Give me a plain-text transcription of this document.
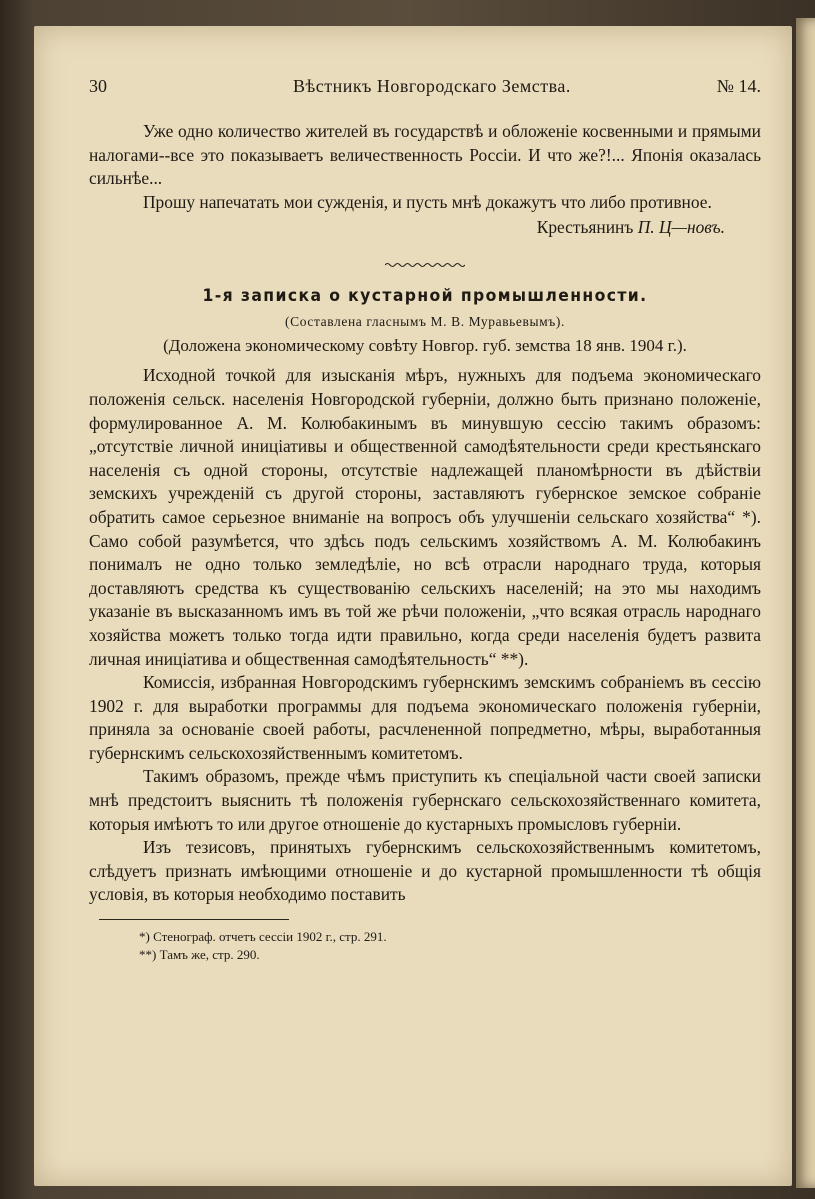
30	Вѣстникъ Новгородскаго Земства.	№ 14.

Уже одно количество жителей въ государствѣ и обложеніе косвенными и прямыми налогами--все это показываетъ величественность Россіи. И что же?!... Японія оказалась сильнѣе...

Прошу напечатать мои сужденія, и пусть мнѣ докажутъ что либо противное.

Крестьянинъ П. Ц—новъ.

1-я записка о кустарной промышленности.

(Составлена гласнымъ М. В. Муравьевымъ).

(Доложена экономическому совѣту Новгор. губ. земства 18 янв. 1904 г.).

Исходной точкой для изысканія мѣръ, нужныхъ для подъема экономическаго положенія сельск. населенія Новгородской губерніи, должно быть признано положеніе, формулированное А. М. Колюбакинымъ въ минувшую сессію такимъ образомъ: „отсутствіе личной иниціативы и общественной самодѣятельности среди крестьянскаго населенія съ одной стороны, отсутствіе надлежащей планомѣрности въ дѣйствіи земскихъ учрежденій съ другой стороны, заставляютъ губернское земское собраніе обратить самое серьезное вниманіе на вопросъ объ улучшеніи сельскаго хозяйства“ *). Само собой разумѣется, что здѣсь подъ сельскимъ хозяйствомъ А. М. Колюбакинъ понималъ не одно только земледѣліе, но всѣ отрасли народнаго труда, которыя доставляютъ средства къ существованію сельскихъ населеній; на это мы находимъ указаніе въ высказанномъ имъ въ той же рѣчи положеніи, „что всякая отрасль народнаго хозяйства можетъ только тогда идти правильно, когда среди населенія будетъ развита личная иниціатива и общественная самодѣятельность“ **).

Комиссія, избранная Новгородскимъ губернскимъ земскимъ собраніемъ въ сессію 1902 г. для выработки программы для подъема экономическаго положенія губерніи, приняла за основаніе своей работы, расчлененной попредметно, мѣры, выработанныя губернскимъ сельскохозяйственнымъ комитетомъ.

Такимъ образомъ, прежде чѣмъ приступить къ спеціальной части своей записки мнѣ предстоитъ выяснить тѣ положенія губернскаго сельскохозяйственнаго комитета, которыя имѣютъ то или другое отношеніе до кустарныхъ промысловъ губерніи.

Изъ тезисовъ, принятыхъ губернскимъ сельскохозяйственнымъ комитетомъ, слѣдуетъ признать имѣющими отношеніе и до кустарной промышленности тѣ общія условія, въ которыя необходимо поставить

*) Стенограф. отчетъ сессіи 1902 г., стр. 291.

**) Тамъ же, стр. 290.
